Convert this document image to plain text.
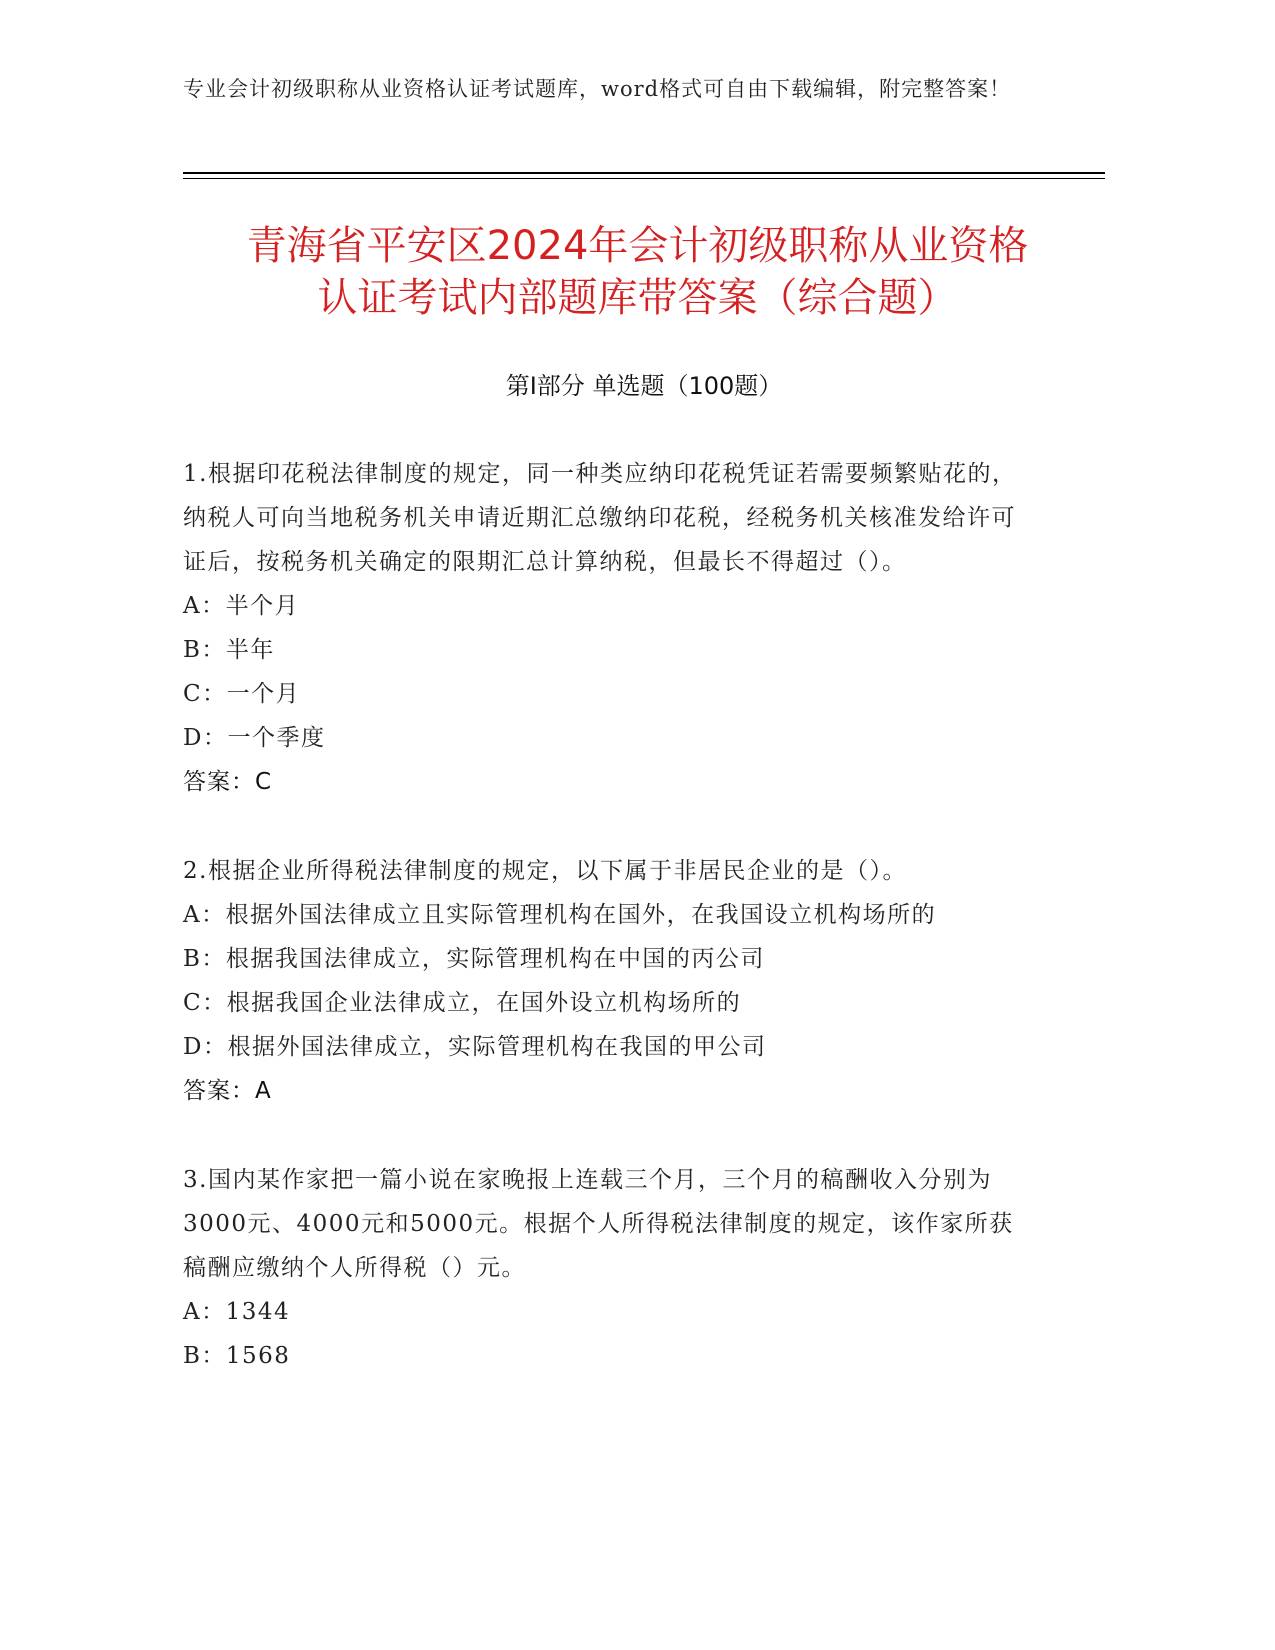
专业会计初级职称从业资格认证考试题库，word格式可自由下载编辑，附完整答案！
青海省平安区2024年会计初级职称从业资格
认证考试内部题库带答案（综合题）
第Ⅰ部分 单选题（100题）

1.根据印花税法律制度的规定，同一种类应纳印花税凭证若需要频繁贴花的，纳税人可向当地税务机关申请近期汇总缴纳印花税，经税务机关核准发给许可证后，按税务机关确定的限期汇总计算纳税，但最长不得超过（）。

A：半个月

B：半年

C：一个月

D：一个季度

答案：C

2.根据企业所得税法律制度的规定，以下属于非居民企业的是（）。

A：根据外国法律成立且实际管理机构在国外，在我国设立机构场所的

B：根据我国法律成立，实际管理机构在中国的丙公司

C：根据我国企业法律成立，在国外设立机构场所的

D：根据外国法律成立，实际管理机构在我国的甲公司

答案：A

3.国内某作家把一篇小说在家晚报上连载三个月，三个月的稿酬收入分别为3000元、4000元和5000元。根据个人所得税法律制度的规定，该作家所获稿酬应缴纳个人所得税（）元。

A：1344

B：1568
